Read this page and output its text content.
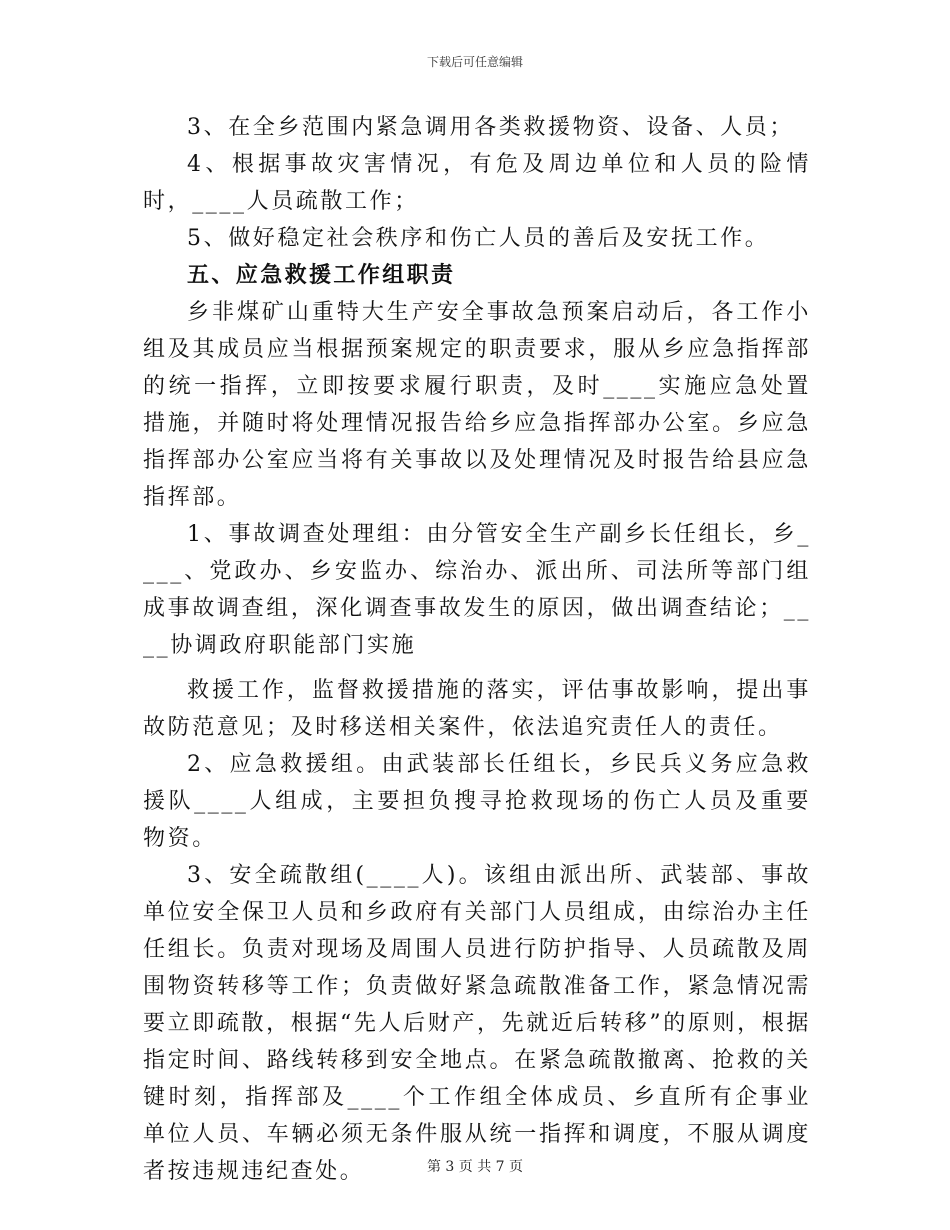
下载后可任意编辑

3、在全乡范围内紧急调用各类救援物资、设备、人员；

4、根据事故灾害情况，有危及周边单位和人员的险情时，____人员疏散工作；

5、做好稳定社会秩序和伤亡人员的善后及安抚工作。

五、应急救援工作组职责

乡非煤矿山重特大生产安全事故急预案启动后，各工作小组及其成员应当根据预案规定的职责要求，服从乡应急指挥部的统一指挥，立即按要求履行职责，及时____实施应急处置措施，并随时将处理情况报告给乡应急指挥部办公室。乡应急指挥部办公室应当将有关事故以及处理情况及时报告给县应急指挥部。

1、事故调查处理组：由分管安全生产副乡长任组长，乡____、党政办、乡安监办、综治办、派出所、司法所等部门组成事故调查组，深化调查事故发生的原因，做出调查结论；____协调政府职能部门实施

救援工作，监督救援措施的落实，评估事故影响，提出事故防范意见；及时移送相关案件，依法追究责任人的责任。

2、应急救援组。由武装部长任组长，乡民兵义务应急救援队____人组成，主要担负搜寻抢救现场的伤亡人员及重要物资。

3、安全疏散组(____人)。该组由派出所、武装部、事故单位安全保卫人员和乡政府有关部门人员组成，由综治办主任任组长。负责对现场及周围人员进行防护指导、人员疏散及周围物资转移等工作；负责做好紧急疏散准备工作，紧急情况需要立即疏散，根据“先人后财产，先就近后转移”的原则，根据指定时间、路线转移到安全地点。在紧急疏散撤离、抢救的关键时刻，指挥部及____个工作组全体成员、乡直所有企事业单位人员、车辆必须无条件服从统一指挥和调度，不服从调度者按违规违纪查处。	第 3 页 共 7 页
